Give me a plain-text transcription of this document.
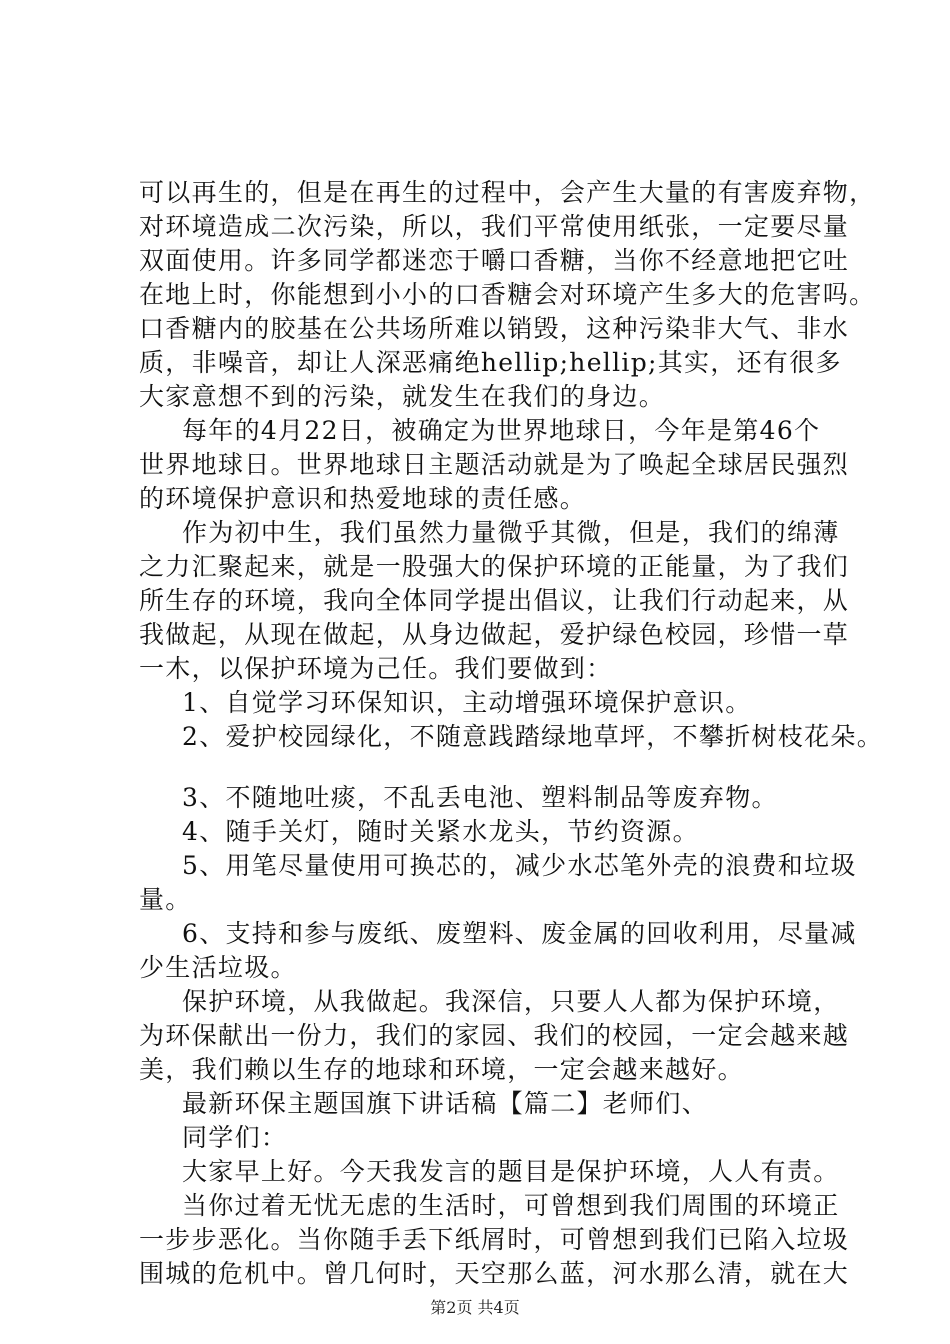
可以再生的，但是在再生的过程中，会产生大量的有害废弃物，
对环境造成二次污染，所以，我们平常使用纸张，一定要尽量
双面使用。许多同学都迷恋于嚼口香糖，当你不经意地把它吐
在地上时，你能想到小小的口香糖会对环境产生多大的危害吗。
口香糖内的胶基在公共场所难以销毁，这种污染非大气、非水
质，非噪音，却让人深恶痛绝hellip;hellip;其实，还有很多
大家意想不到的污染，就发生在我们的身边。
每年的4月22日，被确定为世界地球日，今年是第46个
世界地球日。世界地球日主题活动就是为了唤起全球居民强烈
的环境保护意识和热爱地球的责任感。
作为初中生，我们虽然力量微乎其微，但是，我们的绵薄
之力汇聚起来，就是一股强大的保护环境的正能量，为了我们
所生存的环境，我向全体同学提出倡议，让我们行动起来，从
我做起，从现在做起，从身边做起，爱护绿色校园，珍惜一草
一木，以保护环境为己任。我们要做到：
1、自觉学习环保知识，主动增强环境保护意识。
2、爱护校园绿化，不随意践踏绿地草坪，不攀折树枝花朵。
3、不随地吐痰，不乱丢电池、塑料制品等废弃物。
4、随手关灯，随时关紧水龙头，节约资源。
5、用笔尽量使用可换芯的，减少水芯笔外壳的浪费和垃圾
量。
6、支持和参与废纸、废塑料、废金属的回收利用，尽量减
少生活垃圾。
保护环境，从我做起。我深信，只要人人都为保护环境，
为环保献出一份力，我们的家园、我们的校园，一定会越来越
美，我们赖以生存的地球和环境，一定会越来越好。
最新环保主题国旗下讲话稿【篇二】老师们、
同学们：
大家早上好。今天我发言的题目是保护环境，人人有责。
当你过着无忧无虑的生活时，可曾想到我们周围的环境正
一步步恶化。当你随手丢下纸屑时，可曾想到我们已陷入垃圾
围城的危机中。曾几何时，天空那么蓝，河水那么清，就在大
第2页 共4页
